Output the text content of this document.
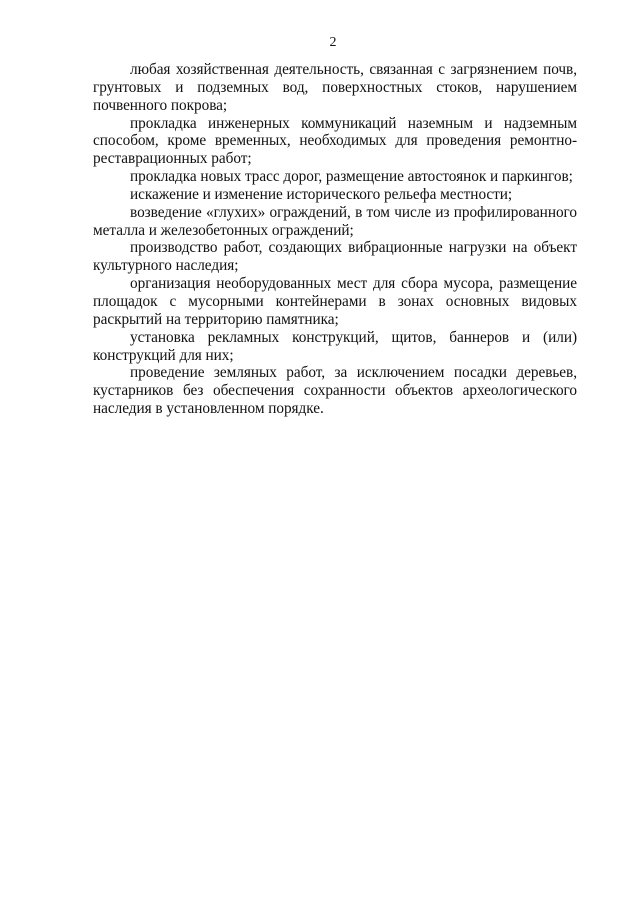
2

любая хозяйственная деятельность, связанная с загрязнением почв, грунтовых и подземных вод, поверхностных стоков, нарушением почвенного покрова;

прокладка инженерных коммуникаций наземным и надземным способом, кроме временных, необходимых для проведения ремонтно-реставрационных работ;

прокладка новых трасс дорог, размещение автостоянок и паркингов;

искажение и изменение исторического рельефа местности;

возведение «глухих» ограждений, в том числе из профилированного металла и железобетонных ограждений;

производство работ, создающих вибрационные нагрузки на объект культурного наследия;

организация необорудованных мест для сбора мусора, размещение площадок с мусорными контейнерами в зонах основных видовых раскрытий на территорию памятника;

установка рекламных конструкций, щитов, баннеров и (или) конструкций для них;

проведение земляных работ, за исключением посадки деревьев, кустарников без обеспечения сохранности объектов археологического наследия в установленном порядке.
